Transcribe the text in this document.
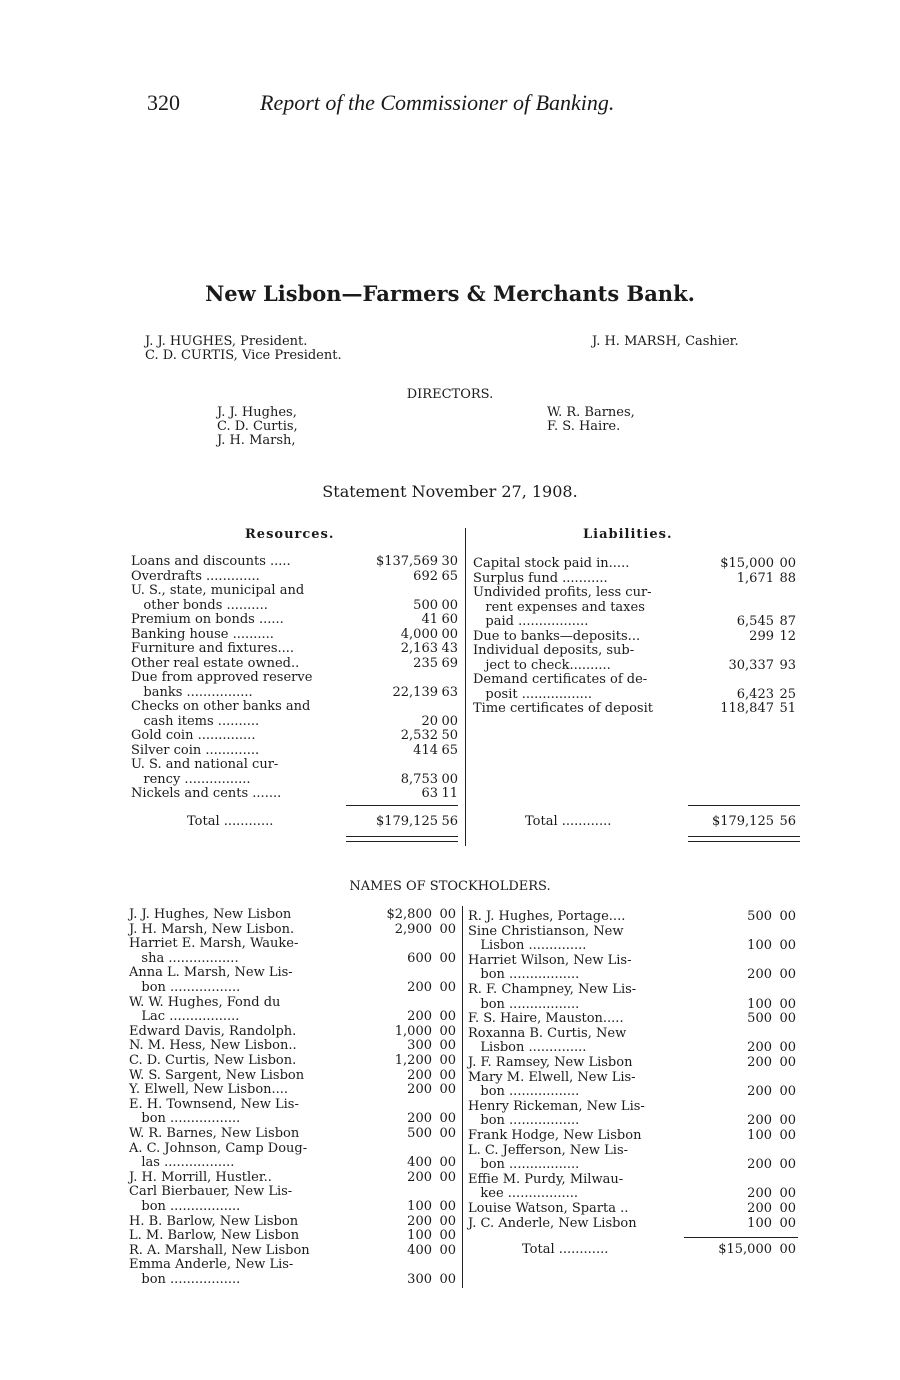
320	Report of the Commissioner of Banking.
New Lisbon—Farmers & Merchants Bank.
J. J. HUGHES, President.
C. D. CURTIS, Vice President.
J. H. MARSH, Cashier.
DIRECTORS.
J. J. Hughes,
C. D. Curtis,
J. H. Marsh,
W. R. Barnes,
F. S. Haire.
Statement November 27, 1908.
Resources.	Liabilities.
Loans and discounts .....	$137,569 30
Overdrafts .............	692 65
U. S., state, municipal and
other bonds ..........	500 00
Premium on bonds ......	41 60
Banking house ..........	4,000 00
Furniture and fixtures....	2,163 43
Other real estate owned..	235 69
Due from approved reserve
banks ................	22,139 63
Checks on other banks and
cash items ..........	20 00
Gold coin ..............	2,532 50
Silver coin .............	414 65
U. S. and national cur-
rency ................	8,753 00
Nickels and cents .......	63 11
Total ............	$179,125 56
Capital stock paid in.....	$15,000 00
Surplus fund ...........	1,671 88
Undivided profits, less cur-
rent expenses and taxes
paid .................	6,545 87
Due to banks—deposits...	299 12
Individual deposits, sub-
ject to check..........	30,337 93
Demand certificates of de-
posit .................	6,423 25
Time certificates of deposit	118,847 51
Total ............	$179,125 56
NAMES OF STOCKHOLDERS.
J. J. Hughes, New Lisbon	$2,800 00
J. H. Marsh, New Lisbon.	2,900 00
Harriet E. Marsh, Wauke-
sha .................	600 00
Anna L. Marsh, New Lis-
bon .................	200 00
W. W. Hughes, Fond du
Lac .................	200 00
Edward Davis, Randolph.	1,000 00
N. M. Hess, New Lisbon..	300 00
C. D. Curtis, New Lisbon.	1,200 00
W. S. Sargent, New Lisbon	200 00
Y. Elwell, New Lisbon....	200 00
E. H. Townsend, New Lis-
bon .................	200 00
W. R. Barnes, New Lisbon	500 00
A. C. Johnson, Camp Doug-
las .................	400 00
J. H. Morrill, Hustler..	200 00
Carl Bierbauer, New Lis-
bon .................	100 00
H. B. Barlow, New Lisbon	200 00
L. M. Barlow, New Lisbon	100 00
R. A. Marshall, New Lisbon	400 00
Emma Anderle, New Lis-
bon .................	300 00
R. J. Hughes, Portage....	500 00
Sine Christianson, New
Lisbon ..............	100 00
Harriet Wilson, New Lis-
bon .................	200 00
R. F. Champney, New Lis-
bon .................	100 00
F. S. Haire, Mauston.....	500 00
Roxanna B. Curtis, New
Lisbon ..............	200 00
J. F. Ramsey, New Lisbon	200 00
Mary M. Elwell, New Lis-
bon .................	200 00
Henry Rickeman, New Lis-
bon .................	200 00
Frank Hodge, New Lisbon	100 00
L. C. Jefferson, New Lis-
bon .................	200 00
Effie M. Purdy, Milwau-
kee .................	200 00
Louise Watson, Sparta ..	200 00
J. C. Anderle, New Lisbon	100 00
Total ............	$15,000 00
